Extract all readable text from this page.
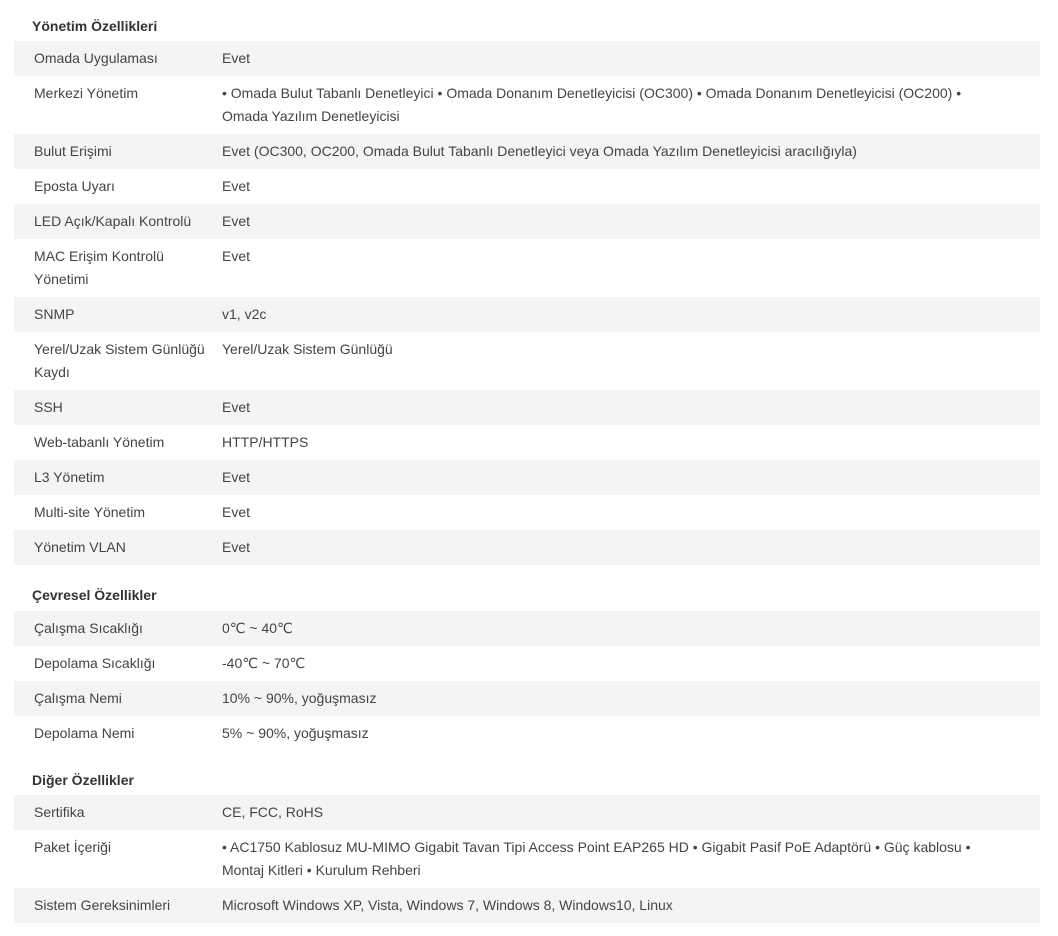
Yönetim Özellikleri
Omada Uygulaması	Evet
Merkezi Yönetim	• Omada Bulut Tabanlı Denetleyici • Omada Donanım Denetleyicisi (OC300) • Omada Donanım Denetleyicisi (OC200) • Omada Yazılım Denetleyicisi
Bulut Erişimi	Evet (OC300, OC200, Omada Bulut Tabanlı Denetleyici veya Omada Yazılım Denetleyicisi aracılığıyla)
Eposta Uyarı	Evet
LED Açık/Kapalı Kontrolü	Evet
MAC Erişim Kontrolü Yönetimi	Evet
SNMP	v1, v2c
Yerel/Uzak Sistem Günlüğü Kaydı	Yerel/Uzak Sistem Günlüğü
SSH	Evet
Web-tabanlı Yönetim	HTTP/HTTPS
L3 Yönetim	Evet
Multi-site Yönetim	Evet
Yönetim VLAN	Evet
Çevresel Özellikler
Çalışma Sıcaklığı	0℃ ~ 40℃
Depolama Sıcaklığı	-40℃ ~ 70℃
Çalışma Nemi	10% ~ 90%, yoğuşmasız
Depolama Nemi	5% ~ 90%, yoğuşmasız
Diğer Özellikler
Sertifika	CE, FCC, RoHS
Paket İçeriği	• AC1750 Kablosuz MU-MIMO Gigabit Tavan Tipi Access Point EAP265 HD • Gigabit Pasif PoE Adaptörü • Güç kablosu • Montaj Kitleri • Kurulum Rehberi
Sistem Gereksinimleri	Microsoft Windows XP, Vista, Windows 7, Windows 8, Windows10, Linux
